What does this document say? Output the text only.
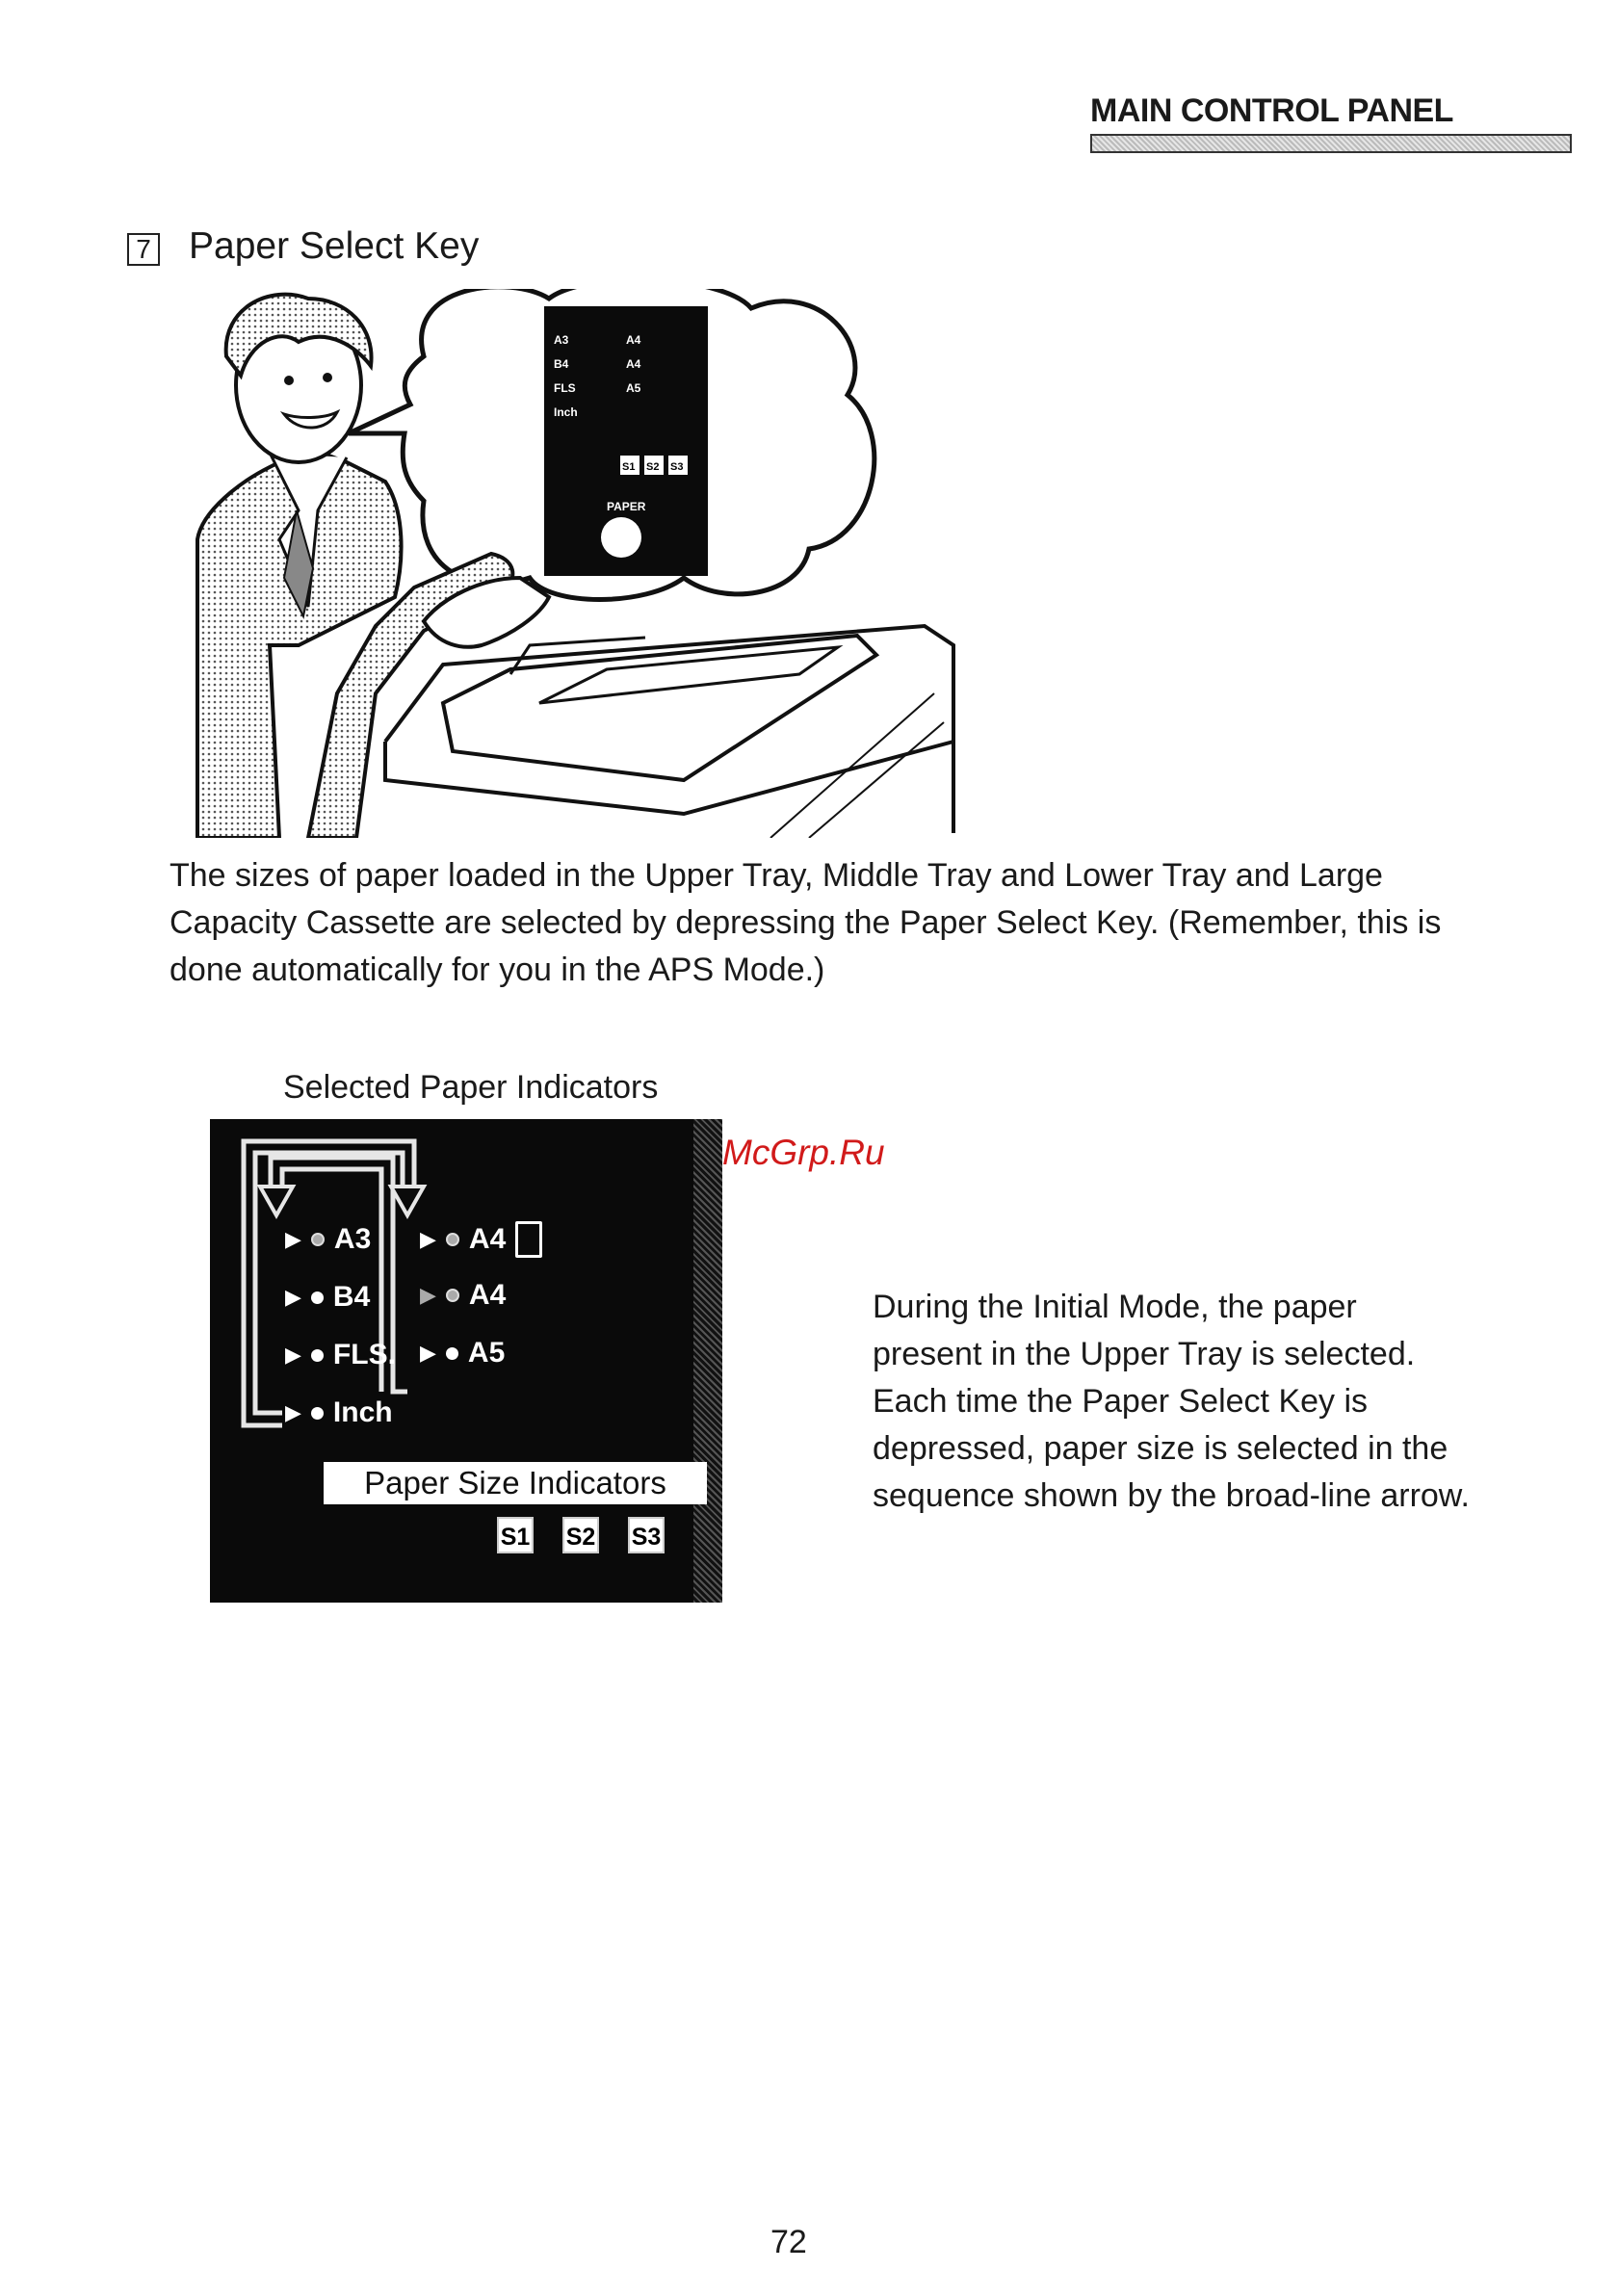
MAIN CONTROL PANEL
7 Paper Select Key
A3
B4
FLS
Inch
A4
A4
A5
S1 S2 S3
PAPER
The sizes of paper loaded in the Upper Tray, Middle Tray and Lower Tray and Large Capacity Cassette are selected by depressing the Paper Select Key. (Remember, this is done automatically for you in the APS Mode.)
Selected Paper Indicators
▶ A3
▶ B4
▶ FLS.
▶ Inch
▶ A4
▶ A4
▶ A5
Paper Size Indicators
S1 S2 S3
McGrp.Ru
During the Initial Mode, the paper present in the Upper Tray is selected. Each time the Paper Select Key is depressed, paper size is selected in the sequence shown by the broad-line arrow.
72
